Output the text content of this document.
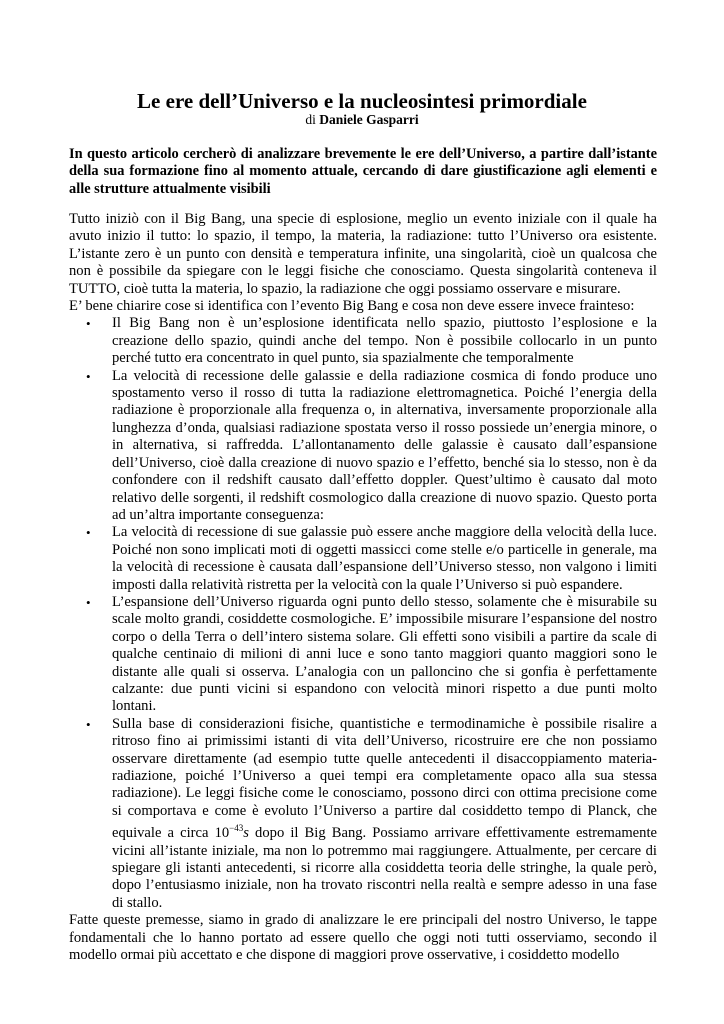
Le ere dell’Universo e la nucleosintesi primordiale
di Daniele Gasparri
In questo articolo cercherò di analizzare brevemente le ere dell’Universo, a partire dall’istante della sua formazione fino al momento attuale, cercando di dare giustificazione agli elementi e alle strutture attualmente visibili

Tutto iniziò con il Big Bang, una specie di esplosione, meglio un evento iniziale con il quale ha avuto inizio il tutto: lo spazio, il tempo, la materia, la radiazione: tutto l’Universo ora esistente. L’istante zero è un punto con densità e temperatura infinite, una singolarità, cioè un qualcosa che non è possibile da spiegare con le leggi fisiche che conosciamo. Questa singolarità conteneva il TUTTO, cioè tutta la materia, lo spazio, la radiazione che oggi possiamo osservare e misurare.

E’ bene chiarire cose si identifica con l’evento Big Bang e cosa non deve essere invece frainteso:

• Il Big Bang non è un’esplosione identificata nello spazio, piuttosto l’esplosione e la creazione dello spazio, quindi anche del tempo. Non è possibile collocarlo in un punto perché tutto era concentrato in quel punto, sia spazialmente che temporalmente
• La velocità di recessione delle galassie e della radiazione cosmica di fondo produce uno spostamento verso il rosso di tutta la radiazione elettromagnetica. Poiché l’energia della radiazione è proporzionale alla frequenza o, in alternativa, inversamente proporzionale alla lunghezza d’onda, qualsiasi radiazione spostata verso il rosso possiede un’energia minore, o in alternativa, si raffredda. L’allontanamento delle galassie è causato dall’espansione dell’Universo, cioè dalla creazione di nuovo spazio e l’effetto, benché sia lo stesso, non è da confondere con il redshift causato dall’effetto doppler. Quest’ultimo è causato dal moto relativo delle sorgenti, il redshift cosmologico dalla creazione di nuovo spazio. Questo porta ad un’altra importante conseguenza:
• La velocità di recessione di sue galassie può essere anche maggiore della velocità della luce. Poiché non sono implicati moti di oggetti massicci come stelle e/o particelle in generale, ma la velocità di recessione è causata dall’espansione dell’Universo stesso, non valgono i limiti imposti dalla relatività ristretta per la velocità con la quale l’Universo si può espandere.
• L’espansione dell’Universo riguarda ogni punto dello stesso, solamente che è misurabile su scale molto grandi, cosiddette cosmologiche. E’ impossibile misurare l’espansione del nostro corpo o della Terra o dell’intero sistema solare. Gli effetti sono visibili a partire da scale di qualche centinaio di milioni di anni luce e sono tanto maggiori quanto maggiori sono le distante alle quali si osserva. L’analogia con un palloncino che si gonfia è perfettamente calzante: due punti vicini si espandono con velocità minori rispetto a due punti molto lontani.
• Sulla base di considerazioni fisiche, quantistiche e termodinamiche è possibile risalire a ritroso fino ai primissimi istanti di vita dell’Universo, ricostruire ere che non possiamo osservare direttamente (ad esempio tutte quelle antecedenti il disaccoppiamento materia-radiazione, poiché l’Universo a quei tempi era completamente opaco alla sua stessa radiazione). Le leggi fisiche come le conosciamo, possono dirci con ottima precisione come si comportava e come è evoluto l’Universo a partire dal cosiddetto tempo di Planck, che equivale a circa $10^{-43}s$ dopo il Big Bang. Possiamo arrivare effettivamente estremamente vicini all’istante iniziale, ma non lo potremmo mai raggiungere. Attualmente, per cercare di spiegare gli istanti antecedenti, si ricorre alla cosiddetta teoria delle stringhe, la quale però, dopo l’entusiasmo iniziale, non ha trovato riscontri nella realtà e sempre adesso in una fase di stallo.

Fatte queste premesse, siamo in grado di analizzare le ere principali del nostro Universo, le tappe fondamentali che lo hanno portato ad essere quello che oggi noti tutti osserviamo, secondo il modello ormai più accettato e che dispone di maggiori prove osservative, i cosiddetto modello
